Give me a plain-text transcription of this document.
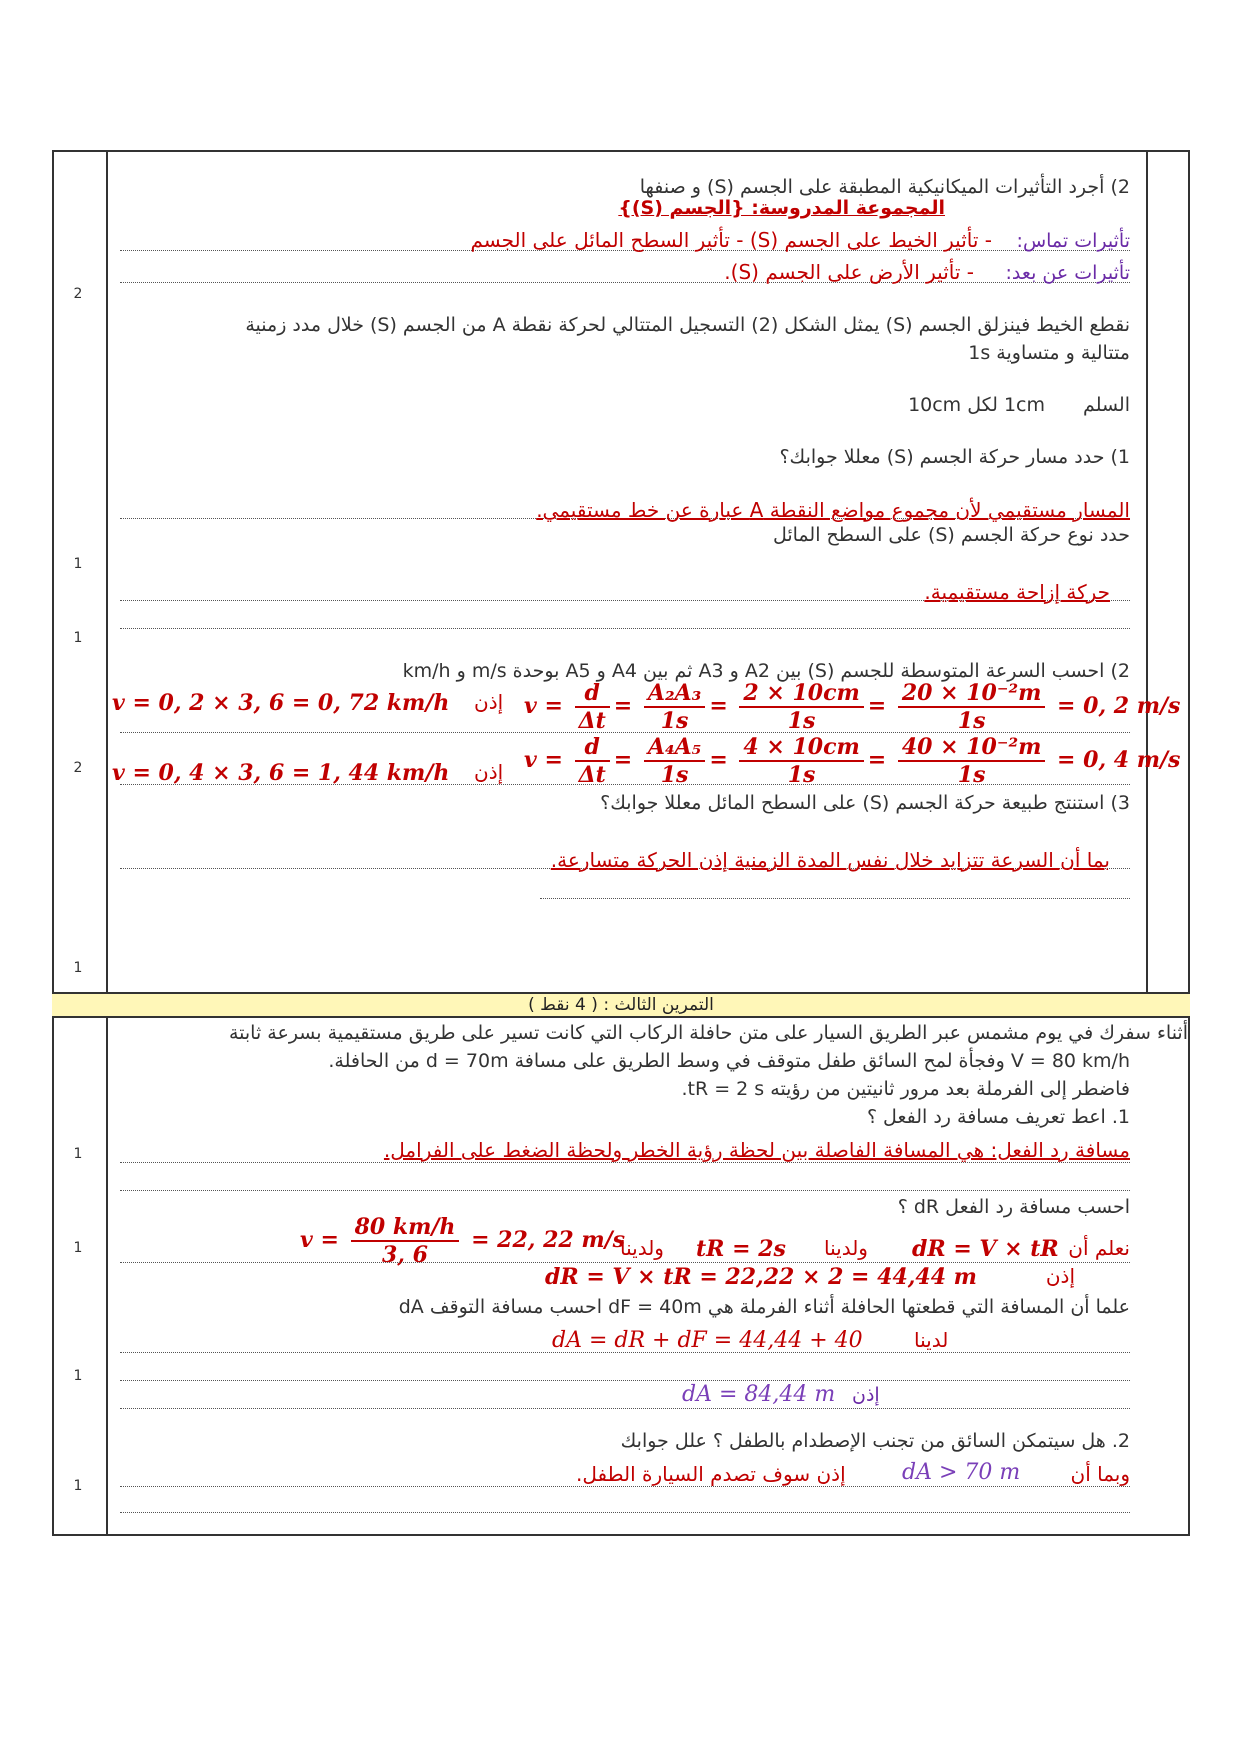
التمرين الثالث : ( 4 نقط )
2
1
1
2
1
1
1
1
1
2) أجرد التأثيرات الميكانيكية المطبقة على الجسم (S) و صنفها
المجموعة المدروسة: {الجسم (S)}
تأثيرات تماس:
- تأثير الخيط على الجسم (S) - تأثير السطح المائل على الجسم
تأثيرات عن بعد:
- تأثير الأرض على الجسم (S).
نقطع الخيط فينزلق الجسم (S) يمثل الشكل (2) التسجيل المتتالي لحركة نقطة A من الجسم (S) خلال مدد زمنية
متتالية و متساوية 1s
السلم
1cm لكل 10cm
1) حدد مسار حركة الجسم (S) معللا جوابك؟
المسار مستقيمي لأن مجموع مواضع النقطة A عبارة عن خط مستقيمي.
حدد نوع حركة الجسم (S) على السطح المائل
حركة إزاحة مستقيمية.
2) احسب السرعة المتوسطة للجسم (S) بين A2 و A3 ثم بين A4 و A5 بوحدة m/s و km/h
$v = \frac{d}{\Delta t} = \frac{\text{A₂A₃}}{1s} = \frac{2 \times 10cm}{1s} = \frac{\text{20 × 10⁻²m}}{1s} = 0$, 2 m/s
إذن
v = 0, 2 × 3, 6 = 0, 72 km/h
$v = \frac{d}{\Delta t} = \frac{\text{A₄A₅}}{1s} = \frac{4 \times 10cm}{1s} = \frac{\text{40 × 10⁻²m}}{1s} = 0$, 4 m/s
إذن
v = 0, 4 × 3, 6 = 1, 44 km/h
3) استنتج طبيعة حركة الجسم (S) على السطح المائل معللا جوابك؟
بما أن السرعة تتزايد خلال نفس المدة الزمنية إذن الحركة متسارعة.
أثناء سفرك في يوم مشمس عبر الطريق السيار على متن حافلة الركاب التي كانت تسير على طريق مستقيمية بسرعة ثابتة
V = 80 km/h وفجأة لمح السائق طفل متوقف في وسط الطريق على مسافة d = 70m من الحافلة.
فاضطر إلى الفرملة بعد مرور ثانيتين من رؤيته tR = 2 s.
1. اعط تعريف مسافة رد الفعل ؟
مسافة رد الفعل: هي المسافة الفاصلة بين لحظة رؤية الخطر ولحظة الضغط على الفرامل.
احسب مسافة رد الفعل dR ؟
نعلم أن
dR = V × tR
ولدينا
tR = 2s
ولدينا
$v = \frac{80 km/h}{3, 6} = 22$, 22 m/s
إذن
dR = V × tR = 22,22 × 2 = 44,44 m
علما أن المسافة التي قطعتها الحافلة أثناء الفرملة هي dF = 40m احسب مسافة التوقف dA
لدينا
dA = dR + dF = 44,44 + 40
إذن
dA = 84,44 m
2. هل سيتمكن السائق من تجنب الإصطدام بالطفل ؟ علل جوابك
وبما أن
dA > 70 m
إذن سوف تصدم السيارة الطفل.
